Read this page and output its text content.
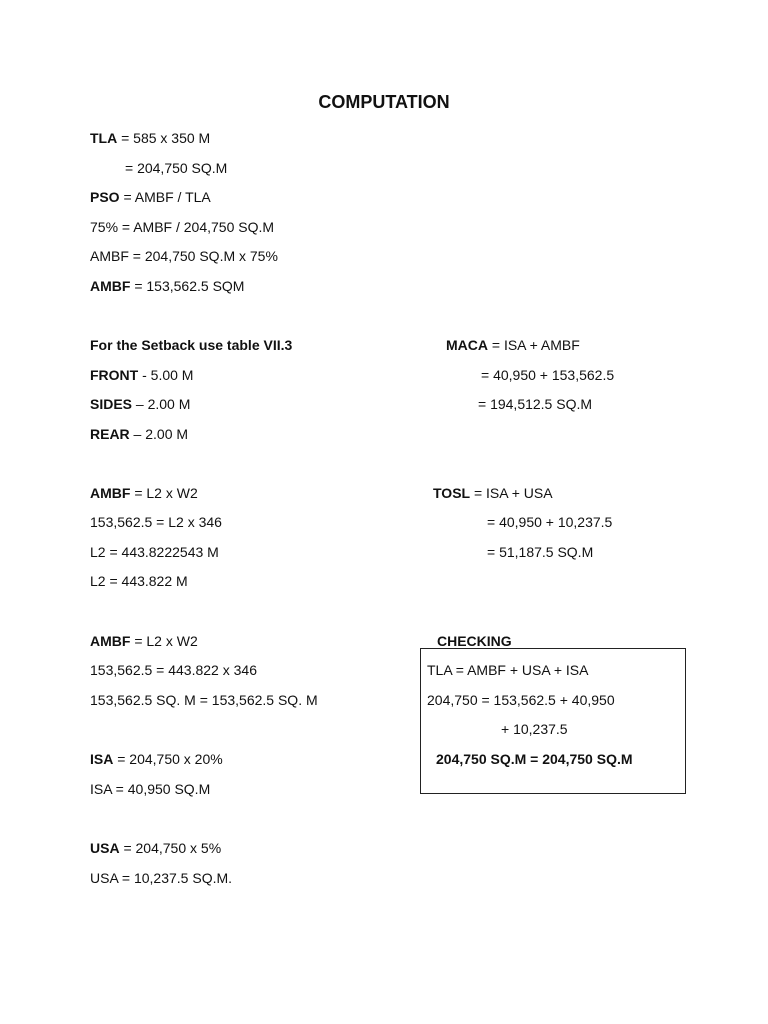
COMPUTATION
TLA = 585 x 350 M
= 204,750 SQ.M
PSO = AMBF / TLA
75% = AMBF / 204,750 SQ.M
AMBF = 204,750 SQ.M x 75%
AMBF = 153,562.5 SQM
For the Setback use table VII.3
FRONT - 5.00 M
SIDES – 2.00 M
REAR – 2.00 M
AMBF = L2 x W2
153,562.5 = L2 x 346
L2 = 443.8222543 M
L2 = 443.822 M
AMBF = L2 x W2
153,562.5 = 443.822 x 346
153,562.5 SQ. M = 153,562.5 SQ. M
ISA = 204,750 x 20%
ISA = 40,950 SQ.M
USA = 204,750 x 5%
USA = 10,237.5 SQ.M.
MACA = ISA + AMBF
= 40,950 + 153,562.5
= 194,512.5 SQ.M
TOSL = ISA + USA
= 40,950 + 10,237.5
= 51,187.5 SQ.M
CHECKING
TLA = AMBF + USA + ISA
204,750 = 153,562.5 + 40,950
+ 10,237.5
204,750 SQ.M = 204,750 SQ.M
